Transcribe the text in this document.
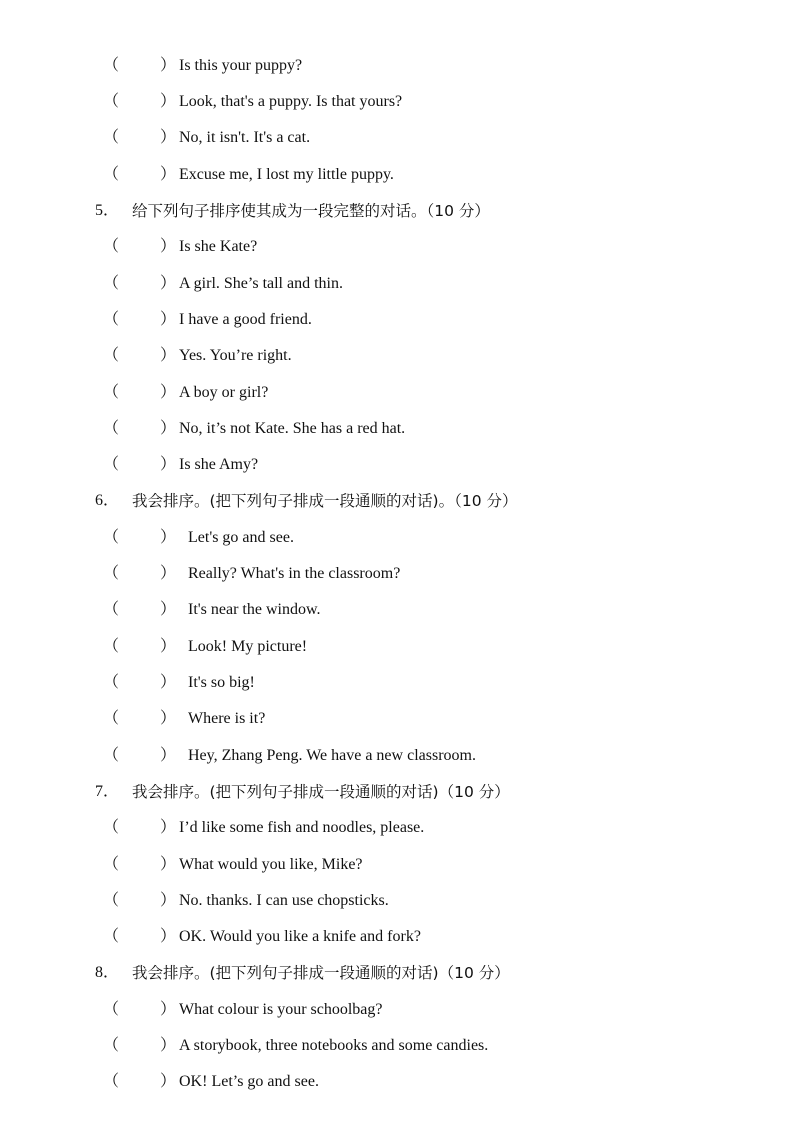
（	） Is this your puppy?
（	） Look, that's a puppy. Is that yours?
（	） No, it isn't. It's a cat.
（	） Excuse me, I lost my little puppy.
5． 给下列句子排序使其成为一段完整的对话。（10 分）
（	） Is she Kate?
（	） A girl. She’s tall and thin.
（	） I have a good friend.
（	） Yes. You’re right.
（	） A boy or girl?
（	） No, it’s not Kate. She has a red hat.
（	） Is she Amy?
6． 我会排序。(把下列句子排成一段通顺的对话)。（10 分）
（	） Let's go and see.
（	） Really? What's in the classroom?
（	） It's near the window.
（	） Look! My picture!
（	） It's so big!
（	） Where is it?
（	） Hey, Zhang Peng. We have a new classroom.
7． 我会排序。(把下列句子排成一段通顺的对话)（10 分）
（	） I’d like some fish and noodles, please.
（	） What would you like, Mike?
（	） No. thanks. I can use chopsticks.
（	） OK. Would you like a knife and fork?
8． 我会排序。(把下列句子排成一段通顺的对话)（10 分）
（	） What colour is your schoolbag?
（	） A storybook, three notebooks and some candies.
（	） OK! Let’s go and see.
